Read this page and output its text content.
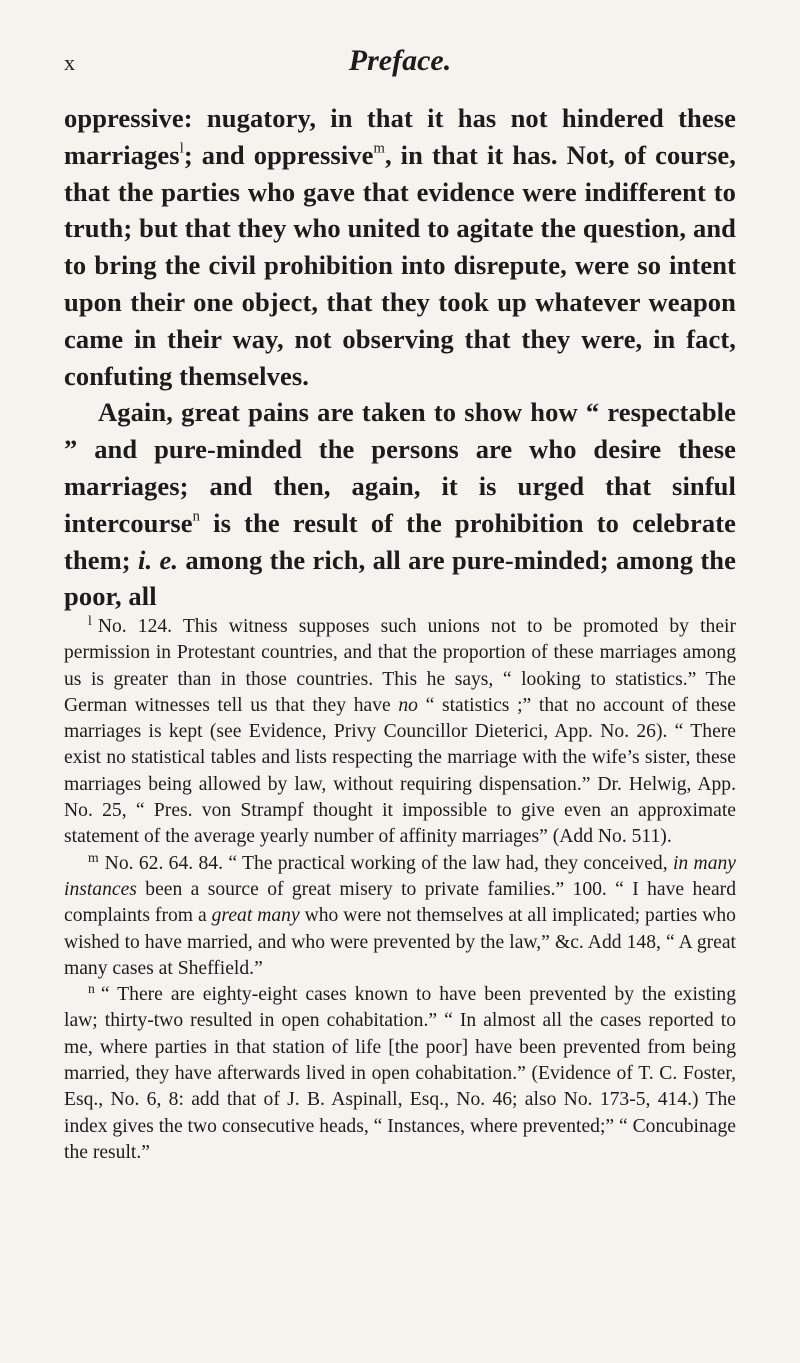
x	Preface.

oppressive: nugatory, in that it has not hindered these marriages$^l$; and oppressive$^m$, in that it has. Not, of course, that the parties who gave that evidence were indifferent to truth; but that they who united to agitate the question, and to bring the civil prohibition into disrepute, were so intent upon their one object, that they took up whatever weapon came in their way, not observing that they were, in fact, confuting themselves.

Again, great pains are taken to show how “ respectable ” and pure-minded the persons are who desire these marriages; and then, again, it is urged that sinful intercourse$^n$ is the result of the prohibition to celebrate them; i. e. among the rich, all are pure-minded; among the poor, all

$^l$ No. 124. This witness supposes such unions not to be promoted by their permission in Protestant countries, and that the proportion of these marriages among us is greater than in those countries. This he says, “ looking to statistics.” The German witnesses tell us that they have no “ statistics ;” that no account of these marriages is kept (see Evidence, Privy Councillor Dieterici, App. No. 26). “ There exist no statistical tables and lists respecting the marriage with the wife’s sister, these marriages being allowed by law, without requiring dispensation.” Dr. Helwig, App. No. 25, “ Pres. von Strampf thought it impossible to give even an approximate statement of the average yearly number of affinity marriages” (Add No. 511).

$^m$ No. 62. 64. 84. “ The practical working of the law had, they conceived, in many instances been a source of great misery to private families.” 100. “ I have heard complaints from a great many who were not themselves at all implicated; parties who wished to have married, and who were prevented by the law,” &c. Add 148, “ A great many cases at Sheffield.”

$^n$ “ There are eighty-eight cases known to have been prevented by the existing law; thirty-two resulted in open cohabitation.” “ In almost all the cases reported to me, where parties in that station of life [the poor] have been prevented from being married, they have afterwards lived in open cohabitation.” (Evidence of T. C. Foster, Esq., No. 6, 8: add that of J. B. Aspinall, Esq., No. 46; also No. 173-5, 414.) The index gives the two consecutive heads, “ Instances, where prevented;” “ Concubinage the result.”
